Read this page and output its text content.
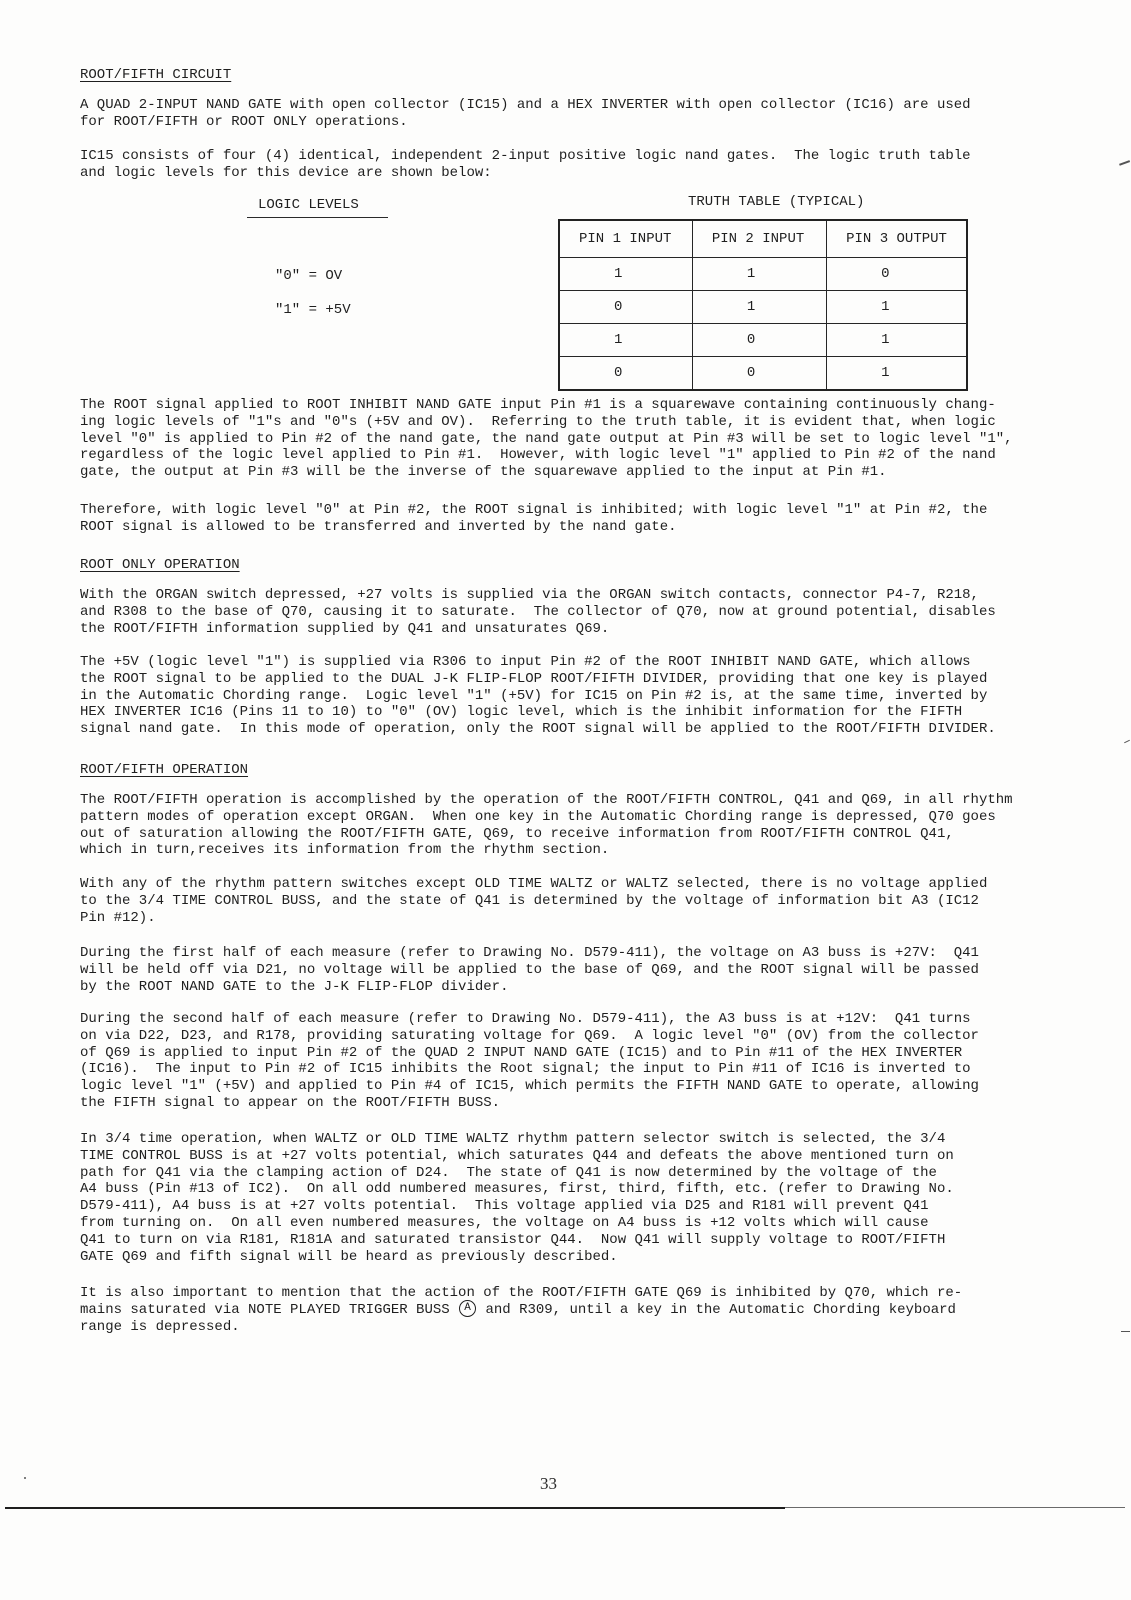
ROOT/FIFTH CIRCUIT
A QUAD 2-INPUT NAND GATE with open collector (IC15) and a HEX INVERTER with open collector (IC16) are used
for ROOT/FIFTH or ROOT ONLY operations.
IC15 consists of four (4) identical, independent 2-input positive logic nand gates.  The logic truth table
and logic levels for this device are shown below:
LOGIC LEVELS
"0" = OV
"1" = +5V
TRUTH TABLE (TYPICAL)
PIN 1 INPUT	PIN 2 INPUT	PIN 3 OUTPUT
1	1	0
0	1	1
1	0	1
0	0	1
The ROOT signal applied to ROOT INHIBIT NAND GATE input Pin #1 is a squarewave containing continuously chang-
ing logic levels of "1"s and "0"s (+5V and OV).  Referring to the truth table, it is evident that, when logic
level "0" is applied to Pin #2 of the nand gate, the nand gate output at Pin #3 will be set to logic level "1",
regardless of the logic level applied to Pin #1.  However, with logic level "1" applied to Pin #2 of the nand
gate, the output at Pin #3 will be the inverse of the squarewave applied to the input at Pin #1.
Therefore, with logic level "0" at Pin #2, the ROOT signal is inhibited; with logic level "1" at Pin #2, the
ROOT signal is allowed to be transferred and inverted by the nand gate.
ROOT ONLY OPERATION
With the ORGAN switch depressed, +27 volts is supplied via the ORGAN switch contacts, connector P4-7, R218,
and R308 to the base of Q70, causing it to saturate.  The collector of Q70, now at ground potential, disables
the ROOT/FIFTH information supplied by Q41 and unsaturates Q69.
The +5V (logic level "1") is supplied via R306 to input Pin #2 of the ROOT INHIBIT NAND GATE, which allows
the ROOT signal to be applied to the DUAL J-K FLIP-FLOP ROOT/FIFTH DIVIDER, providing that one key is played
in the Automatic Chording range.  Logic level "1" (+5V) for IC15 on Pin #2 is, at the same time, inverted by
HEX INVERTER IC16 (Pins 11 to 10) to "0" (OV) logic level, which is the inhibit information for the FIFTH
signal nand gate.  In this mode of operation, only the ROOT signal will be applied to the ROOT/FIFTH DIVIDER.
ROOT/FIFTH OPERATION
The ROOT/FIFTH operation is accomplished by the operation of the ROOT/FIFTH CONTROL, Q41 and Q69, in all rhythm
pattern modes of operation except ORGAN.  When one key in the Automatic Chording range is depressed, Q70 goes
out of saturation allowing the ROOT/FIFTH GATE, Q69, to receive information from ROOT/FIFTH CONTROL Q41,
which in turn,receives its information from the rhythm section.
With any of the rhythm pattern switches except OLD TIME WALTZ or WALTZ selected, there is no voltage applied
to the 3/4 TIME CONTROL BUSS, and the state of Q41 is determined by the voltage of information bit A3 (IC12
Pin #12).
During the first half of each measure (refer to Drawing No. D579-411), the voltage on A3 buss is +27V:  Q41
will be held off via D21, no voltage will be applied to the base of Q69, and the ROOT signal will be passed
by the ROOT NAND GATE to the J-K FLIP-FLOP divider.
During the second half of each measure (refer to Drawing No. D579-411), the A3 buss is at +12V:  Q41 turns
on via D22, D23, and R178, providing saturating voltage for Q69.  A logic level "0" (OV) from the collector
of Q69 is applied to input Pin #2 of the QUAD 2 INPUT NAND GATE (IC15) and to Pin #11 of the HEX INVERTER
(IC16).  The input to Pin #2 of IC15 inhibits the Root signal; the input to Pin #11 of IC16 is inverted to
logic level "1" (+5V) and applied to Pin #4 of IC15, which permits the FIFTH NAND GATE to operate, allowing
the FIFTH signal to appear on the ROOT/FIFTH BUSS.
In 3/4 time operation, when WALTZ or OLD TIME WALTZ rhythm pattern selector switch is selected, the 3/4
TIME CONTROL BUSS is at +27 volts potential, which saturates Q44 and defeats the above mentioned turn on
path for Q41 via the clamping action of D24.  The state of Q41 is now determined by the voltage of the
A4 buss (Pin #13 of IC2).  On all odd numbered measures, first, third, fifth, etc. (refer to Drawing No.
D579-411), A4 buss is at +27 volts potential.  This voltage applied via D25 and R181 will prevent Q41
from turning on.  On all even numbered measures, the voltage on A4 buss is +12 volts which will cause
Q41 to turn on via R181, R181A and saturated transistor Q44.  Now Q41 will supply voltage to ROOT/FIFTH
GATE Q69 and fifth signal will be heard as previously described.
It is also important to mention that the action of the ROOT/FIFTH GATE Q69 is inhibited by Q70, which re-
mains saturated via NOTE PLAYED TRIGGER BUSS A and R309, until a key in the Automatic Chording keyboard
range is depressed.
33
